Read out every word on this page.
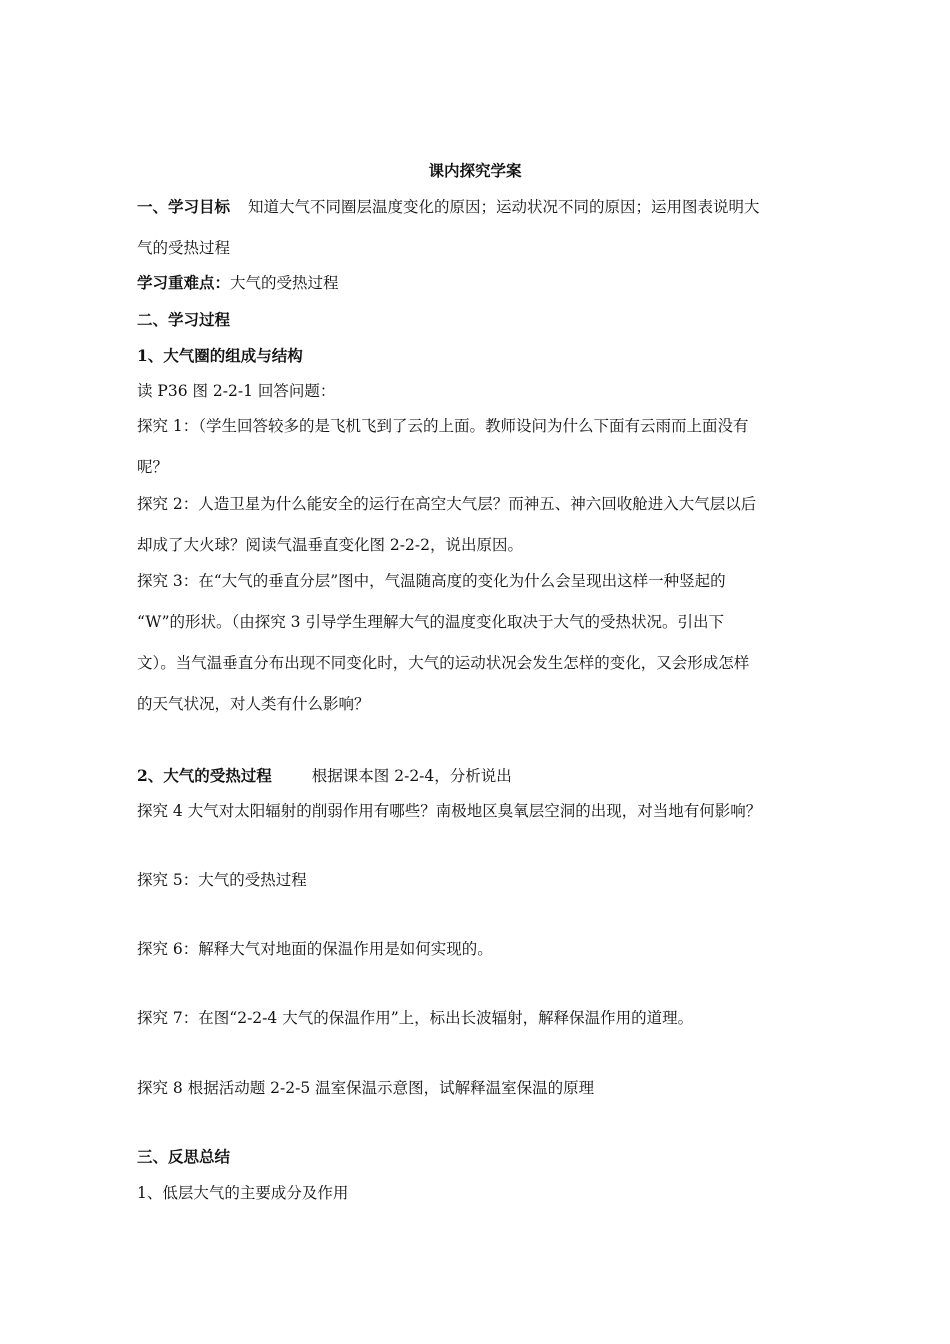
课内探究学案
一、学习目标 知道大气不同圈层温度变化的原因；运动状况不同的原因；运用图表说明大
气的受热过程
学习重难点：大气的受热过程
二、学习过程
1、大气圈的组成与结构
读 P36 图 2-2-1 回答问题：
探究 1：（学生回答较多的是飞机飞到了云的上面。教师设问为什么下面有云雨而上面没有
呢？
探究 2：人造卫星为什么能安全的运行在高空大气层？而神五、神六回收舱进入大气层以后
却成了大火球？阅读气温垂直变化图 2-2-2，说出原因。
探究 3：在“大气的垂直分层”图中，气温随高度的变化为什么会呈现出这样一种竖起的
“W”的形状。（由探究 3 引导学生理解大气的温度变化取决于大气的受热状况。引出下
文）。当气温垂直分布出现不同变化时，大气的运动状况会发生怎样的变化，又会形成怎样
的天气状况，对人类有什么影响？
2、大气的受热过程	根据课本图 2-2-4，分析说出
探究 4 大气对太阳辐射的削弱作用有哪些？南极地区臭氧层空洞的出现，对当地有何影响？
探究 5：大气的受热过程
探究 6：解释大气对地面的保温作用是如何实现的。
探究 7：在图“2-2-4 大气的保温作用”上，标出长波辐射，解释保温作用的道理。
探究 8 根据活动题 2-2-5 温室保温示意图，试解释温室保温的原理
三、反思总结
1、低层大气的主要成分及作用
